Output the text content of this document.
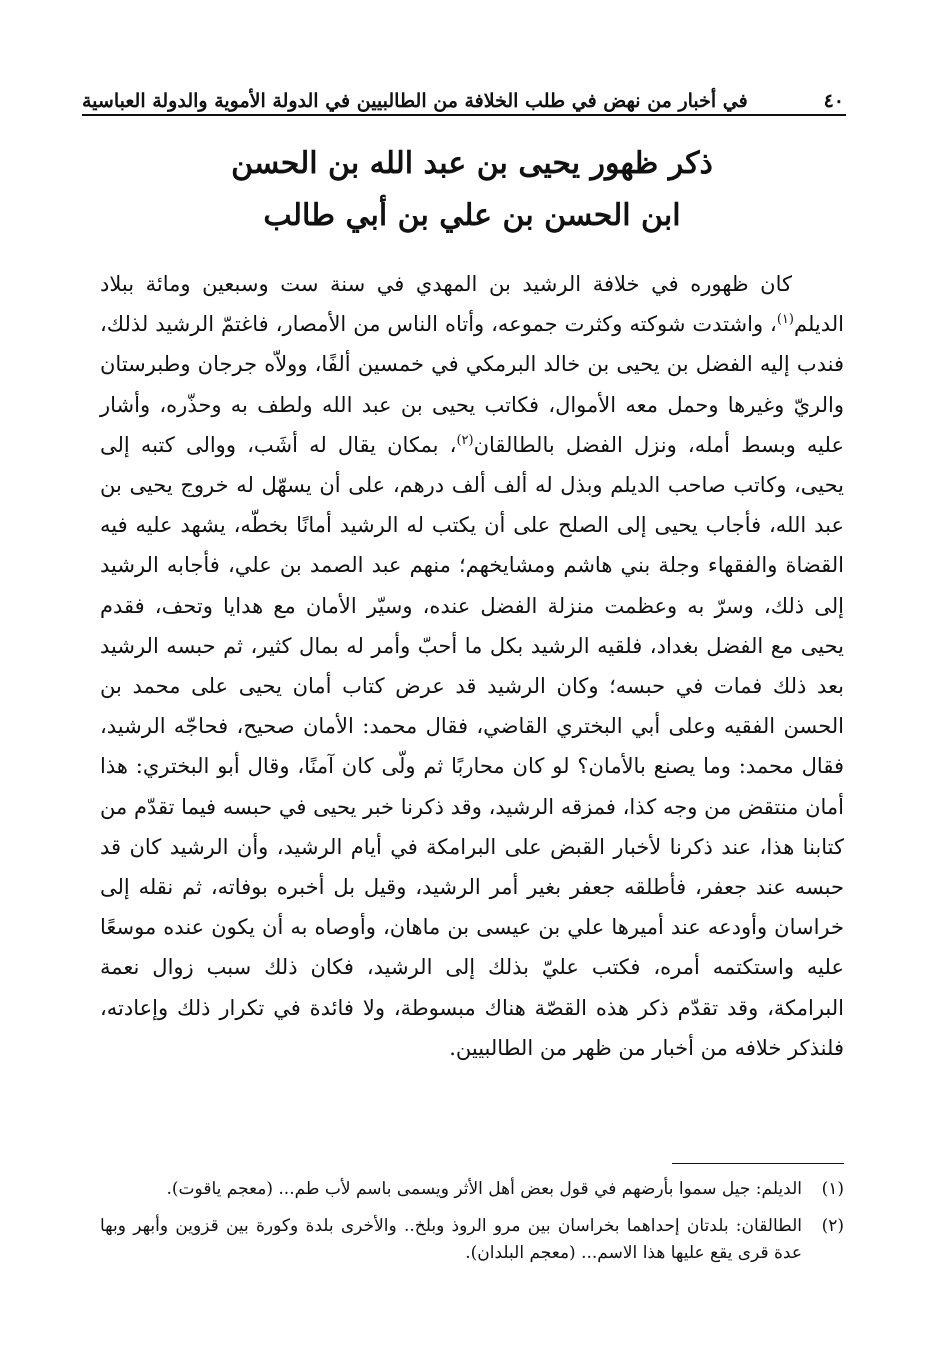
٤٠
في أخبار من نهض في طلب الخلافة من الطالبيين في الدولة الأموية والدولة العباسية
ذكر ظهور يحيى بن عبد الله بن الحسن
ابن الحسن بن علي بن أبي طالب

كان ظهوره في خلافة الرشيد بن المهدي في سنة ست وسبعين ومائة ببلاد الديلم$^{(١)}$، واشتدت شوكته وكثرت جموعه، وأتاه الناس من الأمصار، فاغتمّ الرشيد لذلك، فندب إليه الفضل بن يحيى بن خالد البرمكي في خمسين ألفًا، وولاّه جرجان وطبرستان والريّ وغيرها وحمل معه الأموال، فكاتب يحيى بن عبد الله ولطف به وحذّره، وأشار عليه وبسط أمله، ونزل الفضل بالطالقان$^{(٢)}$، بمكان يقال له أشَب، ووالى كتبه إلى يحيى، وكاتب صاحب الديلم وبذل له ألف ألف درهم، على أن يسهّل له خروج يحيى بن عبد الله، فأجاب يحيى إلى الصلح على أن يكتب له الرشيد أمانًا بخطّه، يشهد عليه فيه القضاة والفقهاء وجلة بني هاشم ومشايخهم؛ منهم عبد الصمد بن علي، فأجابه الرشيد إلى ذلك، وسرّ به وعظمت منزلة الفضل عنده، وسيّر الأمان مع هدايا وتحف، فقدم يحيى مع الفضل بغداد، فلقيه الرشيد بكل ما أحبّ وأمر له بمال كثير، ثم حبسه الرشيد بعد ذلك فمات في حبسه؛ وكان الرشيد قد عرض كتاب أمان يحيى على محمد بن الحسن الفقيه وعلى أبي البختري القاضي، فقال محمد: الأمان صحيح، فحاجّه الرشيد، فقال محمد: وما يصنع بالأمان؟ لو كان محاربًا ثم ولّى كان آمنًا، وقال أبو البختري: هذا أمان منتقض من وجه كذا، فمزقه الرشيد، وقد ذكرنا خبر يحيى في حبسه فيما تقدّم من كتابنا هذا، عند ذكرنا لأخبار القبض على البرامكة في أيام الرشيد، وأن الرشيد كان قد حبسه عند جعفر، فأطلقه جعفر بغير أمر الرشيد، وقيل بل أخبره بوفاته، ثم نقله إلى خراسان وأودعه عند أميرها علي بن عيسى بن ماهان، وأوصاه به أن يكون عنده موسعًا عليه واستكتمه أمره، فكتب عليّ بذلك إلى الرشيد، فكان ذلك سبب زوال نعمة البرامكة، وقد تقدّم ذكر هذه القصّة هناك مبسوطة، ولا فائدة في تكرار ذلك وإعادته، فلنذكر خلافه من أخبار من ظهر من الطالبيين.

(١)
الديلم: جيل سموا بأرضهم في قول بعض أهل الأثر ويسمى باسم لأب طم... (معجم ياقوت).
(٢)
الطالقان: بلدتان إحداهما بخراسان بين مرو الروذ وبلخ.. والأخرى بلدة وكورة بين قزوين وأبهر وبها عدة قرى يقع عليها هذا الاسم... (معجم البلدان).
